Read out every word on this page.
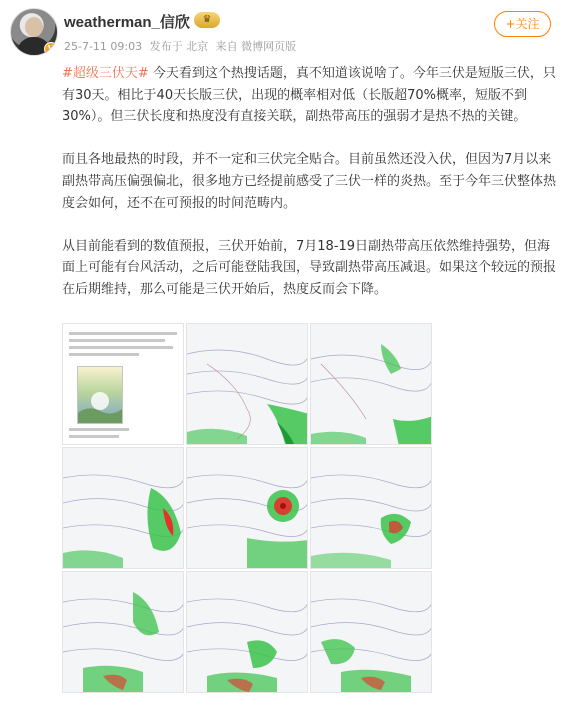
V
weatherman_信欣	♛
25-7-11 09:03 发布于 北京 来自 微博网页版
+关注

#超级三伏天# 今天看到这个热搜话题，真不知道该说啥了。今年三伏是短版三伏，只有30天。相比于40天长版三伏，出现的概率相对低（长版超70%概率，短版不到30%）。但三伏长度和热度没有直接关联，副热带高压的强弱才是热不热的关键。

而且各地最热的时段，并不一定和三伏完全贴合。目前虽然还没入伏，但因为7月以来副热带高压偏强偏北，很多地方已经提前感受了三伏一样的炎热。至于今年三伏整体热度会如何，还不在可预报的时间范畴内。

从目前能看到的数值预报，三伏开始前，7月18-19日副热带高压依然维持强势，但海面上可能有台风活动，之后可能登陆我国，导致副热带高压减退。如果这个较远的预报在后期维持，那么可能是三伏开始后，热度反而会下降。
